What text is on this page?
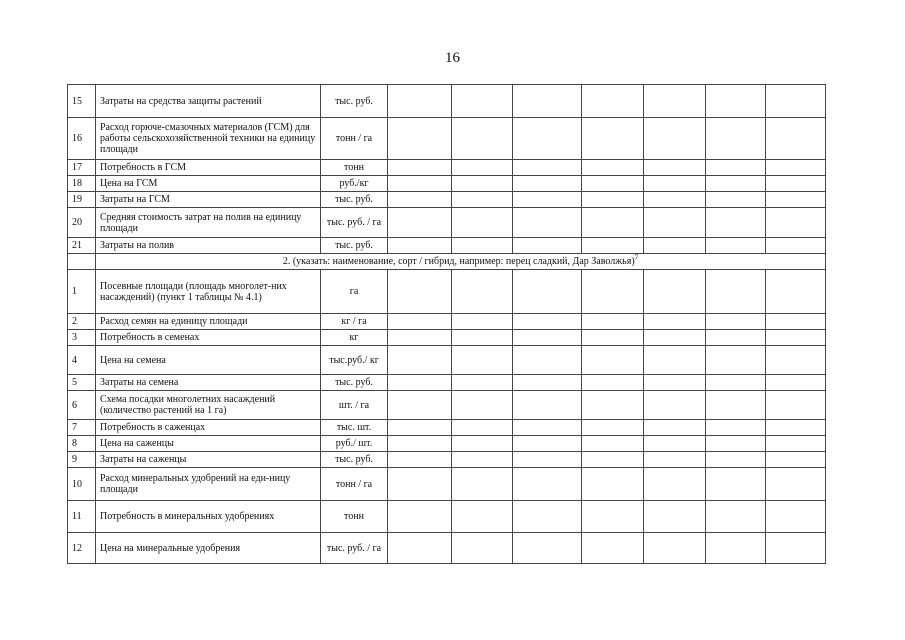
16
15	Затраты на средства защиты растений	тыс. руб.							
16	Расход горюче-смазочных материалов (ГСМ) для работы сельскохозяйственной техники на единицу площади	тонн / га							
17	Потребность в ГСМ	тонн							
18	Цена на ГСМ	руб./кг							
19	Затраты на ГСМ	тыс. руб.							
20	Средняя стоимость затрат на полив на единицу площади	тыс. руб. / га							
21	Затраты на полив	тыс. руб.							
	2. (указать: наименование, сорт / гибрид, например: перец сладкий, Дар Заволжья)$^7$
1	Посевные площади (площадь многолет-них насаждений) (пункт 1 таблицы № 4.1)	га							
2	Расход семян на единицу площади	кг / га							
3	Потребность в семенах	кг							
4	Цена на семена	тыс.руб./ кг							
5	Затраты на семена	тыс. руб.							
6	Схема посадки многолетних насаждений (количество растений на 1 га)	шт. / га							
7	Потребность в саженцах	тыс. шт.							
8	Цена на саженцы	руб./ шт.							
9	Затраты на саженцы	тыс. руб.							
10	Расход минеральных удобрений на еди-ницу площади	тонн / га							
11	Потребность в минеральных удобрениях	тонн							
12	Цена на минеральные удобрения	тыс. руб. / га							
